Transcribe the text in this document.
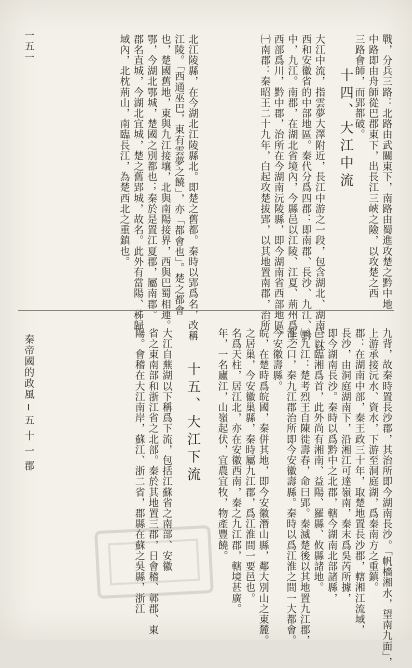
戰，分兵三路：北路由武關東下，南路由蜀進攻楚之黔中地
中路即由舟師從巴郡東下，出長江三峽之險，以攻楚之西
三路會師，而郢都破。
十四、大江中流
大江中流，指雲夢大澤附近，長江中游之一段，包含湖北、湖南、江
西和安徽省的中部地區。秦代分爲四郡：即南郡、長沙、九江、黔
中，九江。南郡，在湖北省境內，今縣邑以江陵、江夏、荊州爲主，
西部爲川，黔中郡，治所在今湖南沅陵縣，即今湖南省西部地區。
㈠南郡：秦昭王二十九年，白起攻楚拔郢，以其地置南郡，治所
北江陵縣，在今湖北江陵縣北。即楚之舊都。秦時以郢爲名，改稱
江陵。「西通巫巴，東有雲夢之饒」，亦「都會也」。楚之都會
也，楚國舊地，東與九江接壤，北與南陽接界，西與巴蜀相連。
鄂，今湖北鄂城，楚國之別都也；秦於是置江夏郡，屬南郡。
郡名直城，今湖北宜城，楚之舊郢城，故名。此外有當陽、秭歸，
域內，北枕荊山，南臨長江，為楚西北之重鎮也。
九背，故秦時置長沙郡，其治所即今湖南長沙。「帆檣湘水，望南九面」，
上游承接沅水、資水，下游至洞庭湖，爲秦南方之重鎮。
郡：在湖南中部，秦王政三十年，取楚地置長沙郡，轄湘江流域，
長沙，由洞庭湖南下，沿湘江可達嶺南，秦末爲吳芮所據，
即今湖南長沙。秦時以爲黔中之北郡，轄今湖南北部諸縣，
邑以臨湘爲首，此外尚有湘南、益陽、羅縣、攸縣諸地。
㈢九江：楚考烈王自陳徙壽春，命曰郢。秦滅楚後以其地置九江郡，
淮之口，秦九江郡治所即今安徽壽縣。秦時以爲江淮之間一大都會。
今安徽壽縣。
皖，在楚時爲皖國，秦併其地，即今安徽潛山縣，鄰大別山之東麓。
之居巢，今安徽巢縣，秦時屬九江郡，爲江淮間一要邑也。
名爲天柱，居江北，亦在安徽西南，秦之九江郡，轄境甚廣。
年，一名廬江，山嶺起伏，宜農宜牧，物產豐饒。
十五、大江下流
大江自蕪湖以下稱爲下流，包括江蘇省之南部、安徽
省之東南部和浙江省之北部。秦於其地置三郡，日會稽、鄣郡、東
陽。會稽在大江南岸，蘇江、浙二省，郡縣在蘇之吳縣，浙江
秦帝國的政風 ─ 五 十 一 郡
一五一
